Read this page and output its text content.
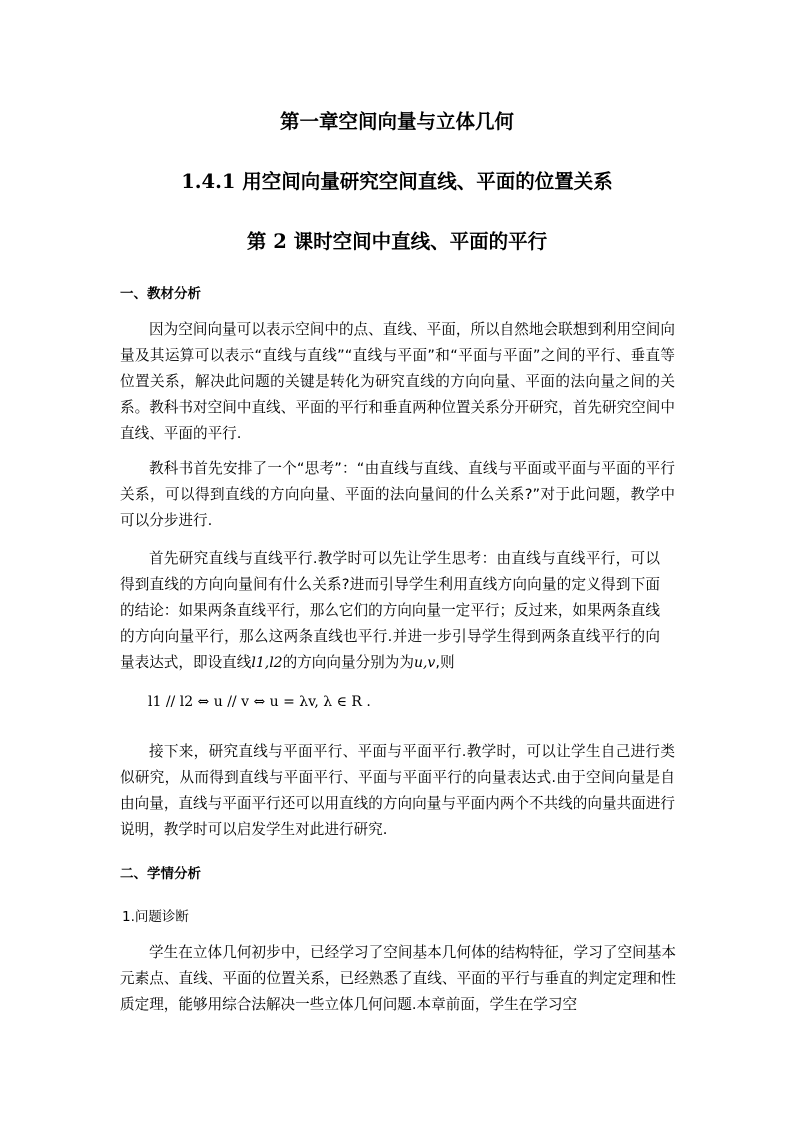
第一章空间向量与立体几何
1.4.1 用空间向量研究空间直线、平面的位置关系
第 2 课时空间中直线、平面的平行
一、教材分析

因为空间向量可以表示空间中的点、直线、平面，所以自然地会联想到利用空间向量及其运算可以表示“直线与直线”“直线与平面”和“平面与平面”之间的平行、垂直等位置关系，解决此问题的关键是转化为研究直线的方向向量、平面的法向量之间的关系。教科书对空间中直线、平面的平行和垂直两种位置关系分开研究，首先研究空间中直线、平面的平行.

教科书首先安排了一个“思考”：“由直线与直线、直线与平面或平面与平面的平行关系，可以得到直线的方向向量、平面的法向量间的什么关系?”对于此问题，教学中可以分步进行.

首先研究直线与直线平行.教学时可以先让学生思考：由直线与直线平行，可以得到直线的方向向量间有什么关系?进而引导学生利用直线方向向量的定义得到下面的结论：如果两条直线平行，那么它们的方向向量一定平行；反过来，如果两条直线的方向向量平行，那么这两条直线也平行.并进一步引导学生得到两条直线平行的向量表达式，即设直线l1,l2的方向向量分别为为u,v,则

l1 // l2 ⇔ u // v ⇔ u = λv, λ ∈ R .

接下来，研究直线与平面平行、平面与平面平行.教学时，可以让学生自己进行类似研究，从而得到直线与平面平行、平面与平面平行的向量表达式.由于空间向量是自由向量，直线与平面平行还可以用直线的方向向量与平面内两个不共线的向量共面进行说明，教学时可以启发学生对此进行研究.

二、学情分析
1.问题诊断

学生在立体几何初步中，已经学习了空间基本几何体的结构特征，学习了空间基本元素点、直线、平面的位置关系，已经熟悉了直线、平面的平行与垂直的判定定理和性质定理，能够用综合法解决一些立体几何问题.本章前面，学生在学习空
